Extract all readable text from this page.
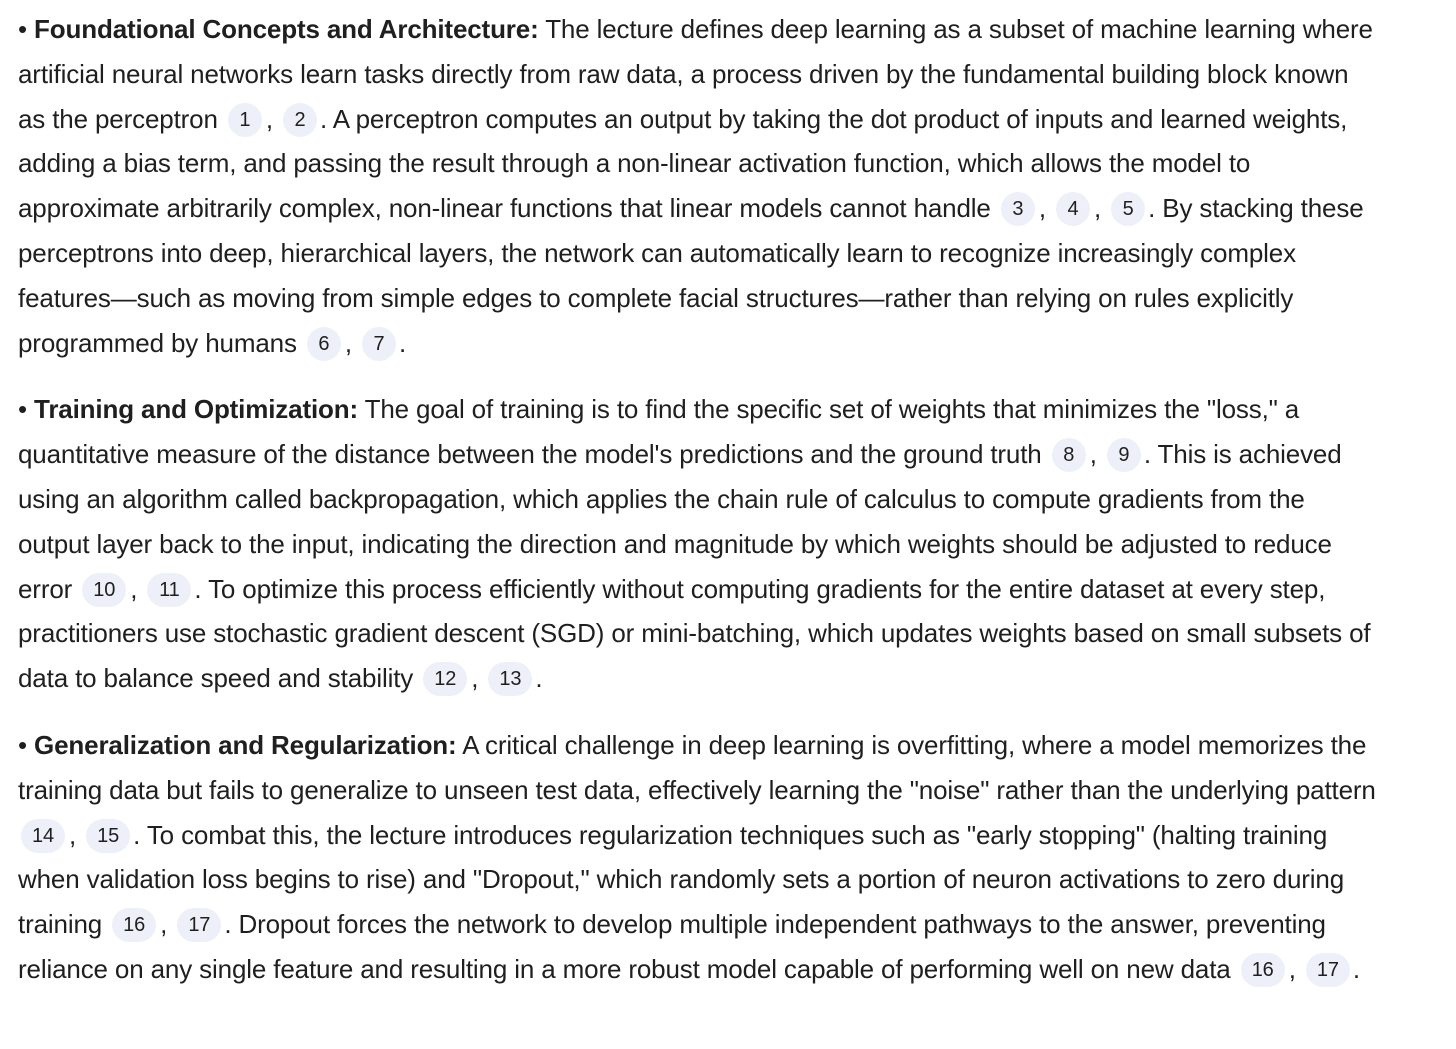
• Foundational Concepts and Architecture: The lecture defines deep learning as a subset of machine learning where artificial neural networks learn tasks directly from raw data, a process driven by the fundamental building block known as the perceptron 1 , 2 . A perceptron computes an output by taking the dot product of inputs and learned weights, adding a bias term, and passing the result through a non-linear activation function, which allows the model to approximate arbitrarily complex, non-linear functions that linear models cannot handle 3 , 4 , 5 . By stacking these perceptrons into deep, hierarchical layers, the network can automatically learn to recognize increasingly complex features—such as moving from simple edges to complete facial structures—rather than relying on rules explicitly programmed by humans 6 , 7 .

• Training and Optimization: The goal of training is to find the specific set of weights that minimizes the "loss," a quantitative measure of the distance between the model's predictions and the ground truth 8 , 9 . This is achieved using an algorithm called backpropagation, which applies the chain rule of calculus to compute gradients from the output layer back to the input, indicating the direction and magnitude by which weights should be adjusted to reduce error 10 , 11 . To optimize this process efficiently without computing gradients for the entire dataset at every step, practitioners use stochastic gradient descent (SGD) or mini-batching, which updates weights based on small subsets of data to balance speed and stability 12 , 13 .

• Generalization and Regularization: A critical challenge in deep learning is overfitting, where a model memorizes the training data but fails to generalize to unseen test data, effectively learning the "noise" rather than the underlying pattern 14 , 15 . To combat this, the lecture introduces regularization techniques such as "early stopping" (halting training when validation loss begins to rise) and "Dropout," which randomly sets a portion of neuron activations to zero during training 16 , 17 . Dropout forces the network to develop multiple independent pathways to the answer, preventing reliance on any single feature and resulting in a more robust model capable of performing well on new data 16 , 17 .
